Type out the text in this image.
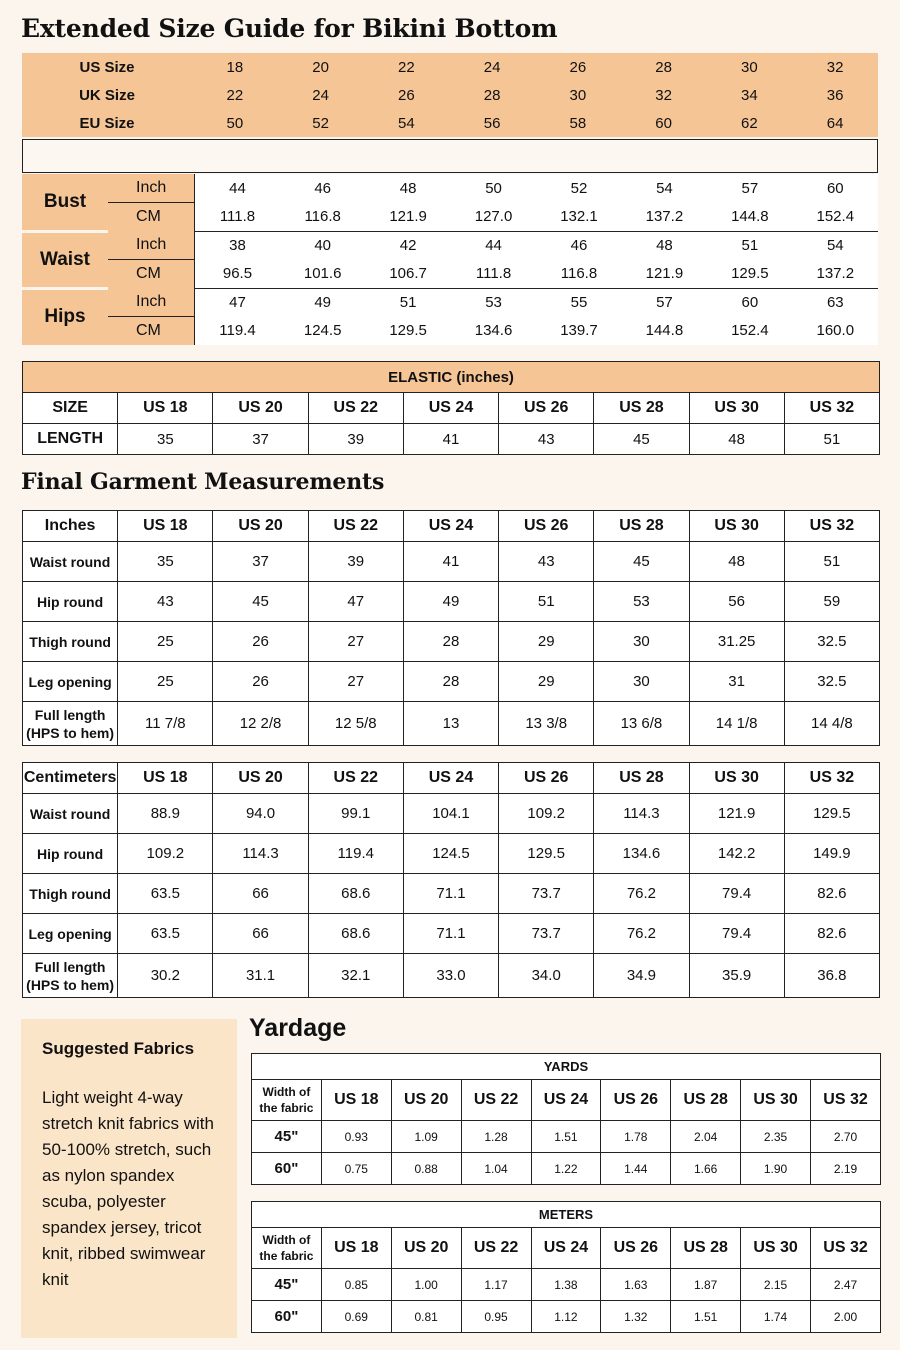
Extended Size Guide for Bikini Bottom
US Size	18	20	22	24	26	28	30	32
UK Size	22	24	26	28	30	32	34	36
EU Size	50	52	54	56	58	60	62	64
Bust	Inch	44	46	48	50	52	54	57	60
	CM	111.8	116.8	121.9	127.0	132.1	137.2	144.8	152.4
Waist	Inch	38	40	42	44	46	48	51	54
	CM	96.5	101.6	106.7	111.8	116.8	121.9	129.5	137.2
Hips	Inch	47	49	51	53	55	57	60	63
	CM	119.4	124.5	129.5	134.6	139.7	144.8	152.4	160.0
ELASTIC (inches)								
SIZE	US 18	US 20	US 22	US 24	US 26	US 28	US 30	US 32
LENGTH	35	37	39	41	43	45	48	51
Final Garment Measurements
Inches	US 18	US 20	US 22	US 24	US 26	US 28	US 30	US 32

Waist round	35	37	39	41	43	45	48	51

Hip round	43	45	47	49	51	53	56	59

Thigh round	25	26	27	28	29	30	31.25	32.5

Leg opening	25	26	27	28	29	30	31	32.5

Full length
(HPS to hem)	11 7/8	12 2/8	12 5/8	13	13 3/8	13 6/8	14 1/8	14 4/8
Centimeters	US 18	US 20	US 22	US 24	US 26	US 28	US 30	US 32

Waist round	88.9	94.0	99.1	104.1	109.2	114.3	121.9	129.5

Hip round	109.2	114.3	119.4	124.5	129.5	134.6	142.2	149.9

Thigh round	63.5	66	68.6	71.1	73.7	76.2	79.4	82.6

Leg opening	63.5	66	68.6	71.1	73.7	76.2	79.4	82.6

Full length
(HPS to hem)	30.2	31.1	32.1	33.0	34.0	34.9	35.9	36.8
Suggested Fabrics
Light weight 4-way stretch knit fabrics with 50-100% stretch, such as nylon spandex scuba, polyester spandex jersey, tricot knit, ribbed swimwear knit
Yardage
YARDS								

Width of
the fabric	US 18	US 20	US 22	US 24	US 26	US 28	US 30	US 32
45"	0.93	1.09	1.28	1.51	1.78	2.04	2.35	2.70
60"	0.75	0.88	1.04	1.22	1.44	1.66	1.90	2.19
METERS								

Width of
the fabric	US 18	US 20	US 22	US 24	US 26	US 28	US 30	US 32
45"	0.85	1.00	1.17	1.38	1.63	1.87	2.15	2.47
60"	0.69	0.81	0.95	1.12	1.32	1.51	1.74	2.00
